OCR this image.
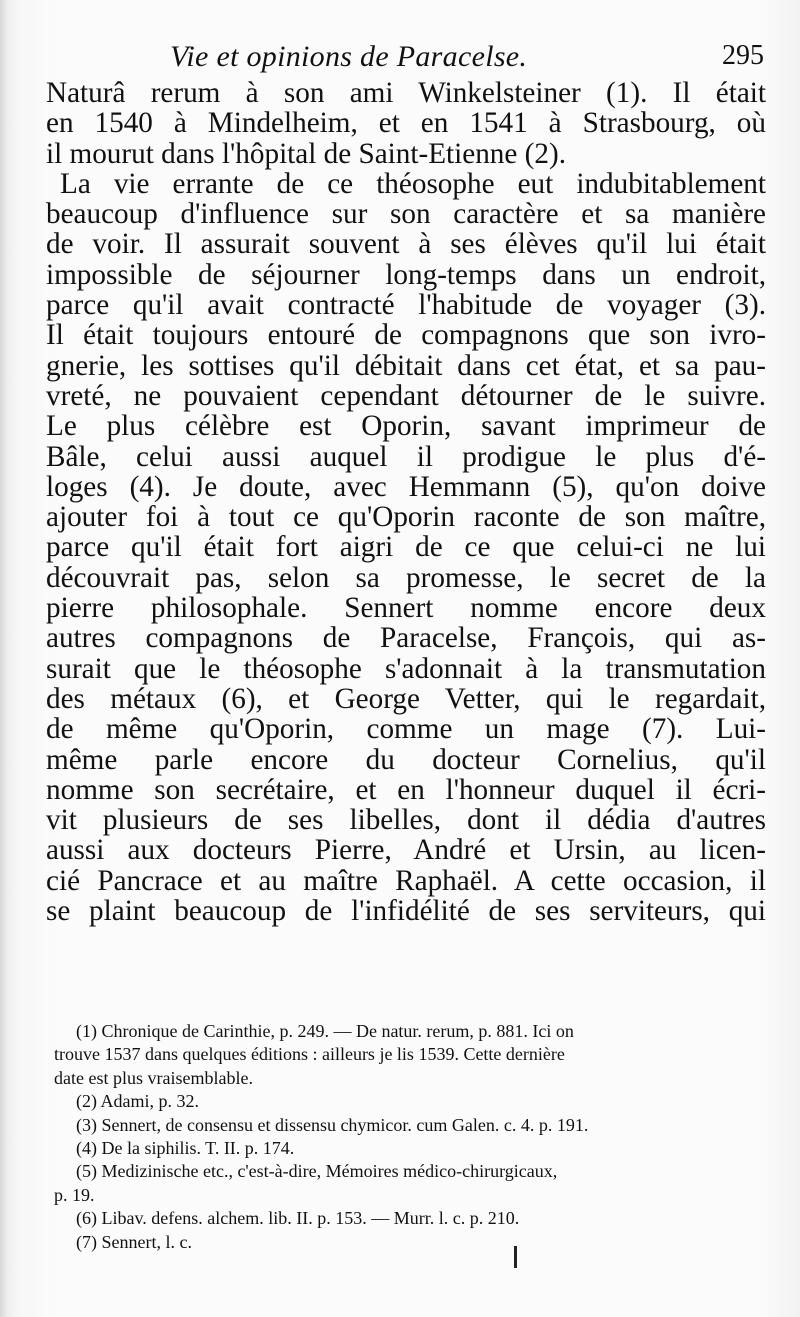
Vie et opinions de Paracelse.	295
Naturâ rerum à son ami Winkelsteiner (1). Il était
en 1540 à Mindelheim, et en 1541 à Strasbourg, où
il mourut dans l'hôpital de Saint-Etienne (2).
La vie errante de ce théosophe eut indubitablement
beaucoup d'influence sur son caractère et sa manière
de voir. Il assurait souvent à ses élèves qu'il lui était
impossible de séjourner long-temps dans un endroit,
parce qu'il avait contracté l'habitude de voyager (3).
Il était toujours entouré de compagnons que son ivro-
gnerie, les sottises qu'il débitait dans cet état, et sa pau-
vreté, ne pouvaient cependant détourner de le suivre.
Le plus célèbre est Oporin, savant imprimeur de
Bâle, celui aussi auquel il prodigue le plus d'é-
loges (4). Je doute, avec Hemmann (5), qu'on doive
ajouter foi à tout ce qu'Oporin raconte de son maître,
parce qu'il était fort aigri de ce que celui-ci ne lui
découvrait pas, selon sa promesse, le secret de la
pierre philosophale. Sennert nomme encore deux
autres compagnons de Paracelse, François, qui as-
surait que le théosophe s'adonnait à la transmutation
des métaux (6), et George Vetter, qui le regardait,
de même qu'Oporin, comme un mage (7). Lui-
même parle encore du docteur Cornelius, qu'il
nomme son secrétaire, et en l'honneur duquel il écri-
vit plusieurs de ses libelles, dont il dédia d'autres
aussi aux docteurs Pierre, André et Ursin, au licen-
cié Pancrace et au maître Raphaël. A cette occasion, il
se plaint beaucoup de l'infidélité de ses serviteurs, qui
(1) Chronique de Carinthie, p. 249. — De natur. rerum, p. 881. Ici on
trouve 1537 dans quelques éditions : ailleurs je lis 1539. Cette dernière
date est plus vraisemblable.
(2) Adami, p. 32.
(3) Sennert, de consensu et dissensu chymicor. cum Galen. c. 4. p. 191.
(4) De la siphilis. T. II. p. 174.
(5) Medizinische etc., c'est-à-dire, Mémoires médico-chirurgicaux,
p. 19.
(6) Libav. defens. alchem. lib. II. p. 153. — Murr. l. c. p. 210.
(7) Sennert, l. c.
